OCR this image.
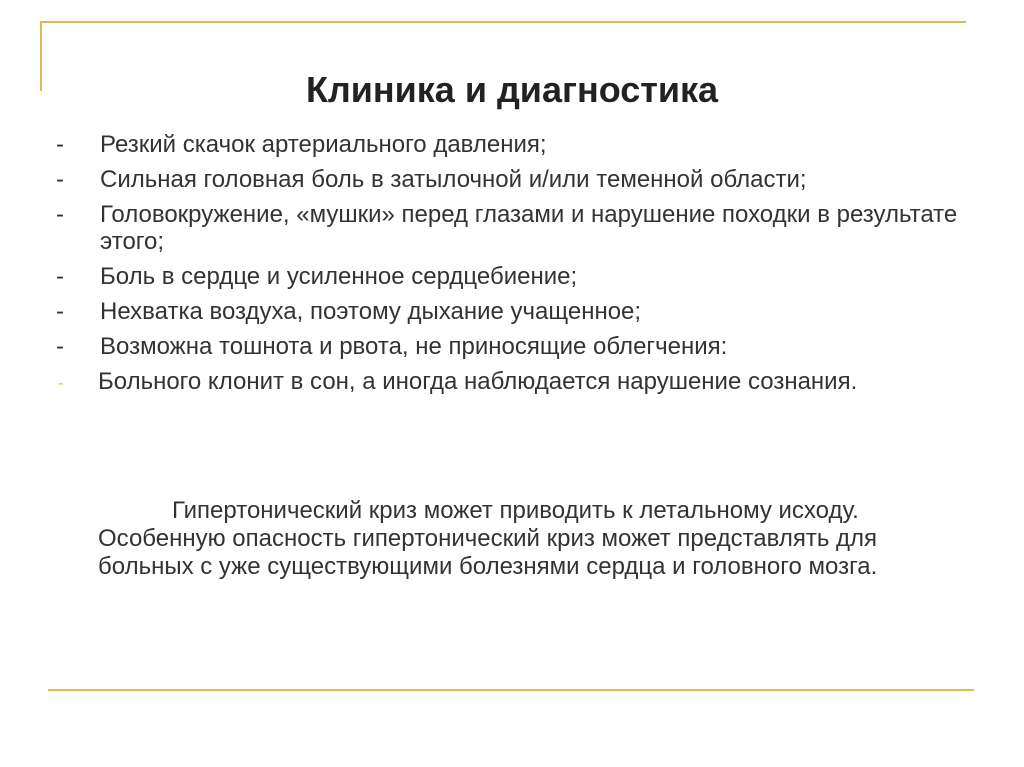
Клиника и диагностика
- Резкий скачок артериального давления;
- Сильная головная боль в затылочной и/или теменной области;
- Головокружение, «мушки» перед глазами и нарушение походки в результате этого;
- Боль в сердце и усиленное сердцебиение;
- Нехватка воздуха, поэтому дыхание учащенное;
- Возможна тошнота и рвота, не приносящие облегчения:
- Больного клонит в сон, а иногда наблюдается нарушение сознания.

Гипертонический криз может приводить к летальному исходу. Особенную опасность гипертонический криз может представлять для больных с уже существующими болезнями сердца и головного мозга.
